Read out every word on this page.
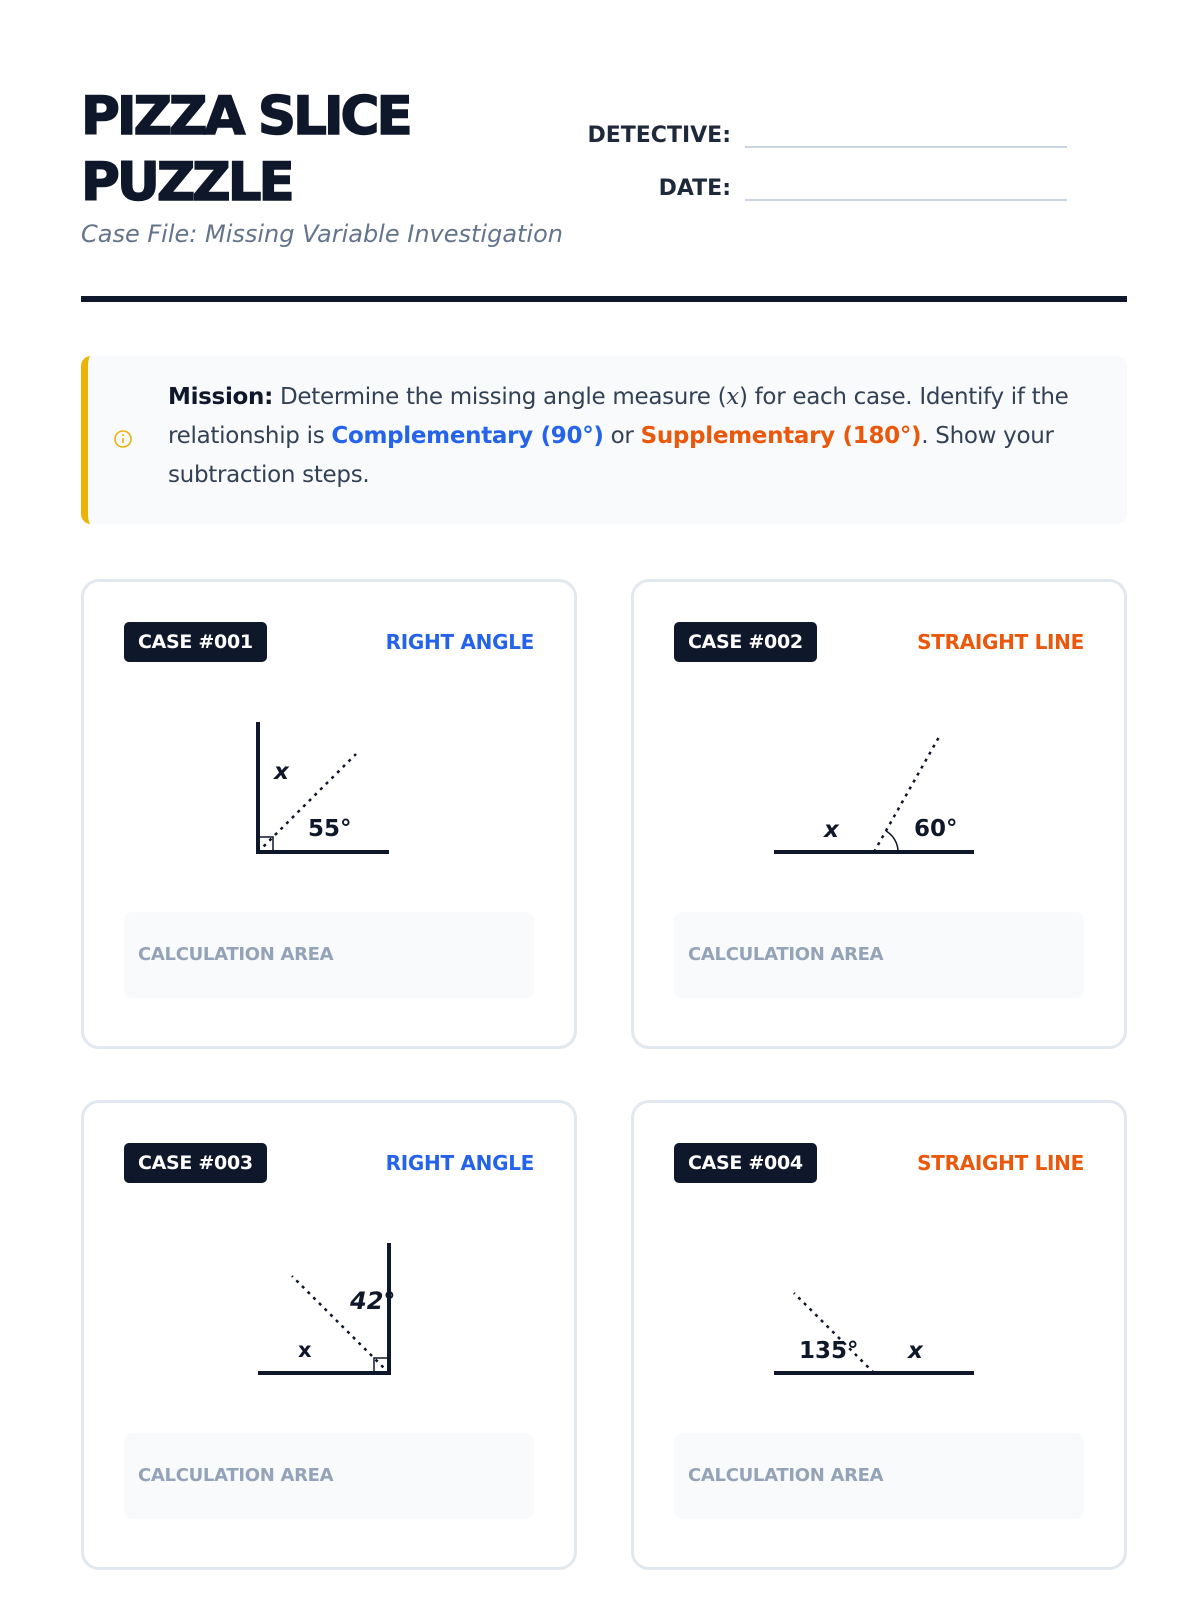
PIZZA SLICE
PUZZLE
Case File: Missing Variable Investigation
DETECTIVE:
DATE:
Mission: Determine the missing angle measure (x) for each case. Identify if the relationship is Complementary (90°) or Supplementary (180°). Show your subtraction steps.
CASE #001	RIGHT ANGLE
x
55°
CALCULATION AREA
CASE #002	STRAIGHT LINE
x	60°
CALCULATION AREA
CASE #003	RIGHT ANGLE
x
42°
CALCULATION AREA
CASE #004	STRAIGHT LINE
135° x
CALCULATION AREA
